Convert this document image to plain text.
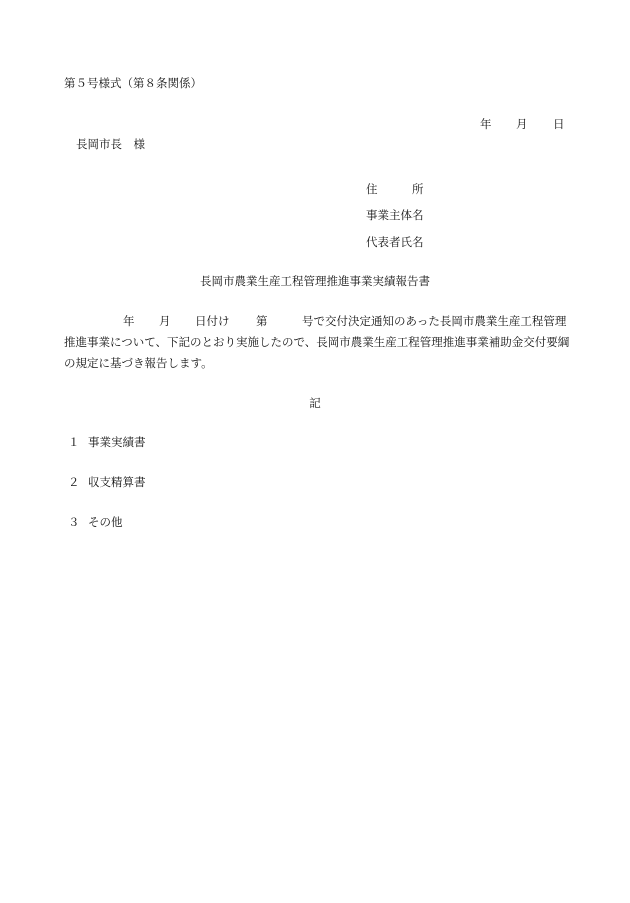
第５号様式（第８条関係）
年 月 日
長岡市長　様
住　　　所
事業主体名
代表者氏名
長岡市農業生産工程管理推進事業実績報告書
年 月 日付け 第	号で交付決定通知のあった長岡市農業生産工程管理
推進事業について、下記のとおり実施したので、長岡市農業生産工程管理推進事業補助金交付要綱
の規定に基づき報告します。
記
１ 事業実績書
２ 収支精算書
３ その他
